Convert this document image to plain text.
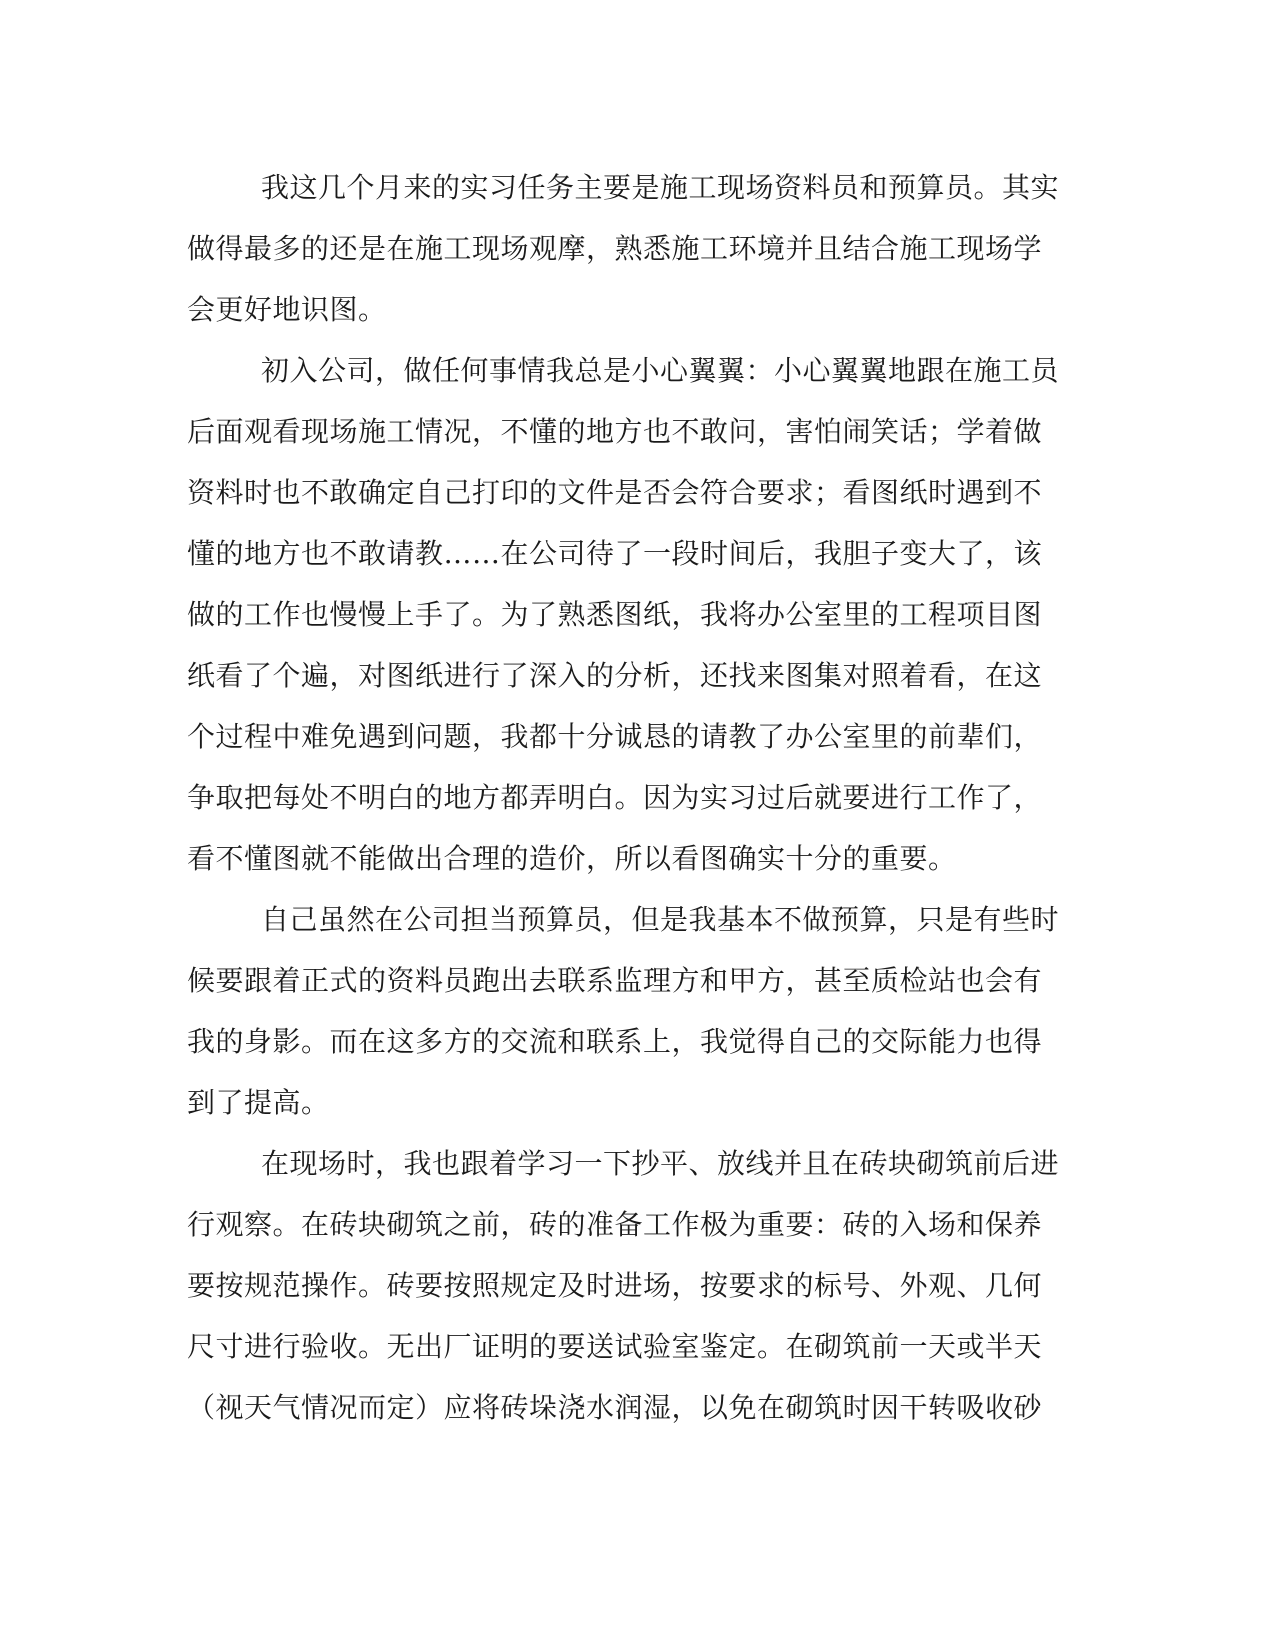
我这几个月来的实习任务主要是施工现场资料员和预算员。其实

做得最多的还是在施工现场观摩，熟悉施工环境并且结合施工现场学

会更好地识图。

初入公司，做任何事情我总是小心翼翼：小心翼翼地跟在施工员

后面观看现场施工情况，不懂的地方也不敢问，害怕闹笑话；学着做

资料时也不敢确定自己打印的文件是否会符合要求；看图纸时遇到不

懂的地方也不敢请教……在公司待了一段时间后，我胆子变大了，该

做的工作也慢慢上手了。为了熟悉图纸，我将办公室里的工程项目图

纸看了个遍，对图纸进行了深入的分析，还找来图集对照着看，在这

个过程中难免遇到问题，我都十分诚恳的请教了办公室里的前辈们，

争取把每处不明白的地方都弄明白。因为实习过后就要进行工作了，

看不懂图就不能做出合理的造价，所以看图确实十分的重要。

自己虽然在公司担当预算员，但是我基本不做预算，只是有些时

候要跟着正式的资料员跑出去联系监理方和甲方，甚至质检站也会有

我的身影。而在这多方的交流和联系上，我觉得自己的交际能力也得

到了提高。

在现场时，我也跟着学习一下抄平、放线并且在砖块砌筑前后进

行观察。在砖块砌筑之前，砖的准备工作极为重要：砖的入场和保养

要按规范操作。砖要按照规定及时进场，按要求的标号、外观、几何

尺寸进行验收。无出厂证明的要送试验室鉴定。在砌筑前一天或半天

（视天气情况而定）应将砖垛浇水润湿，以免在砌筑时因干转吸收砂
